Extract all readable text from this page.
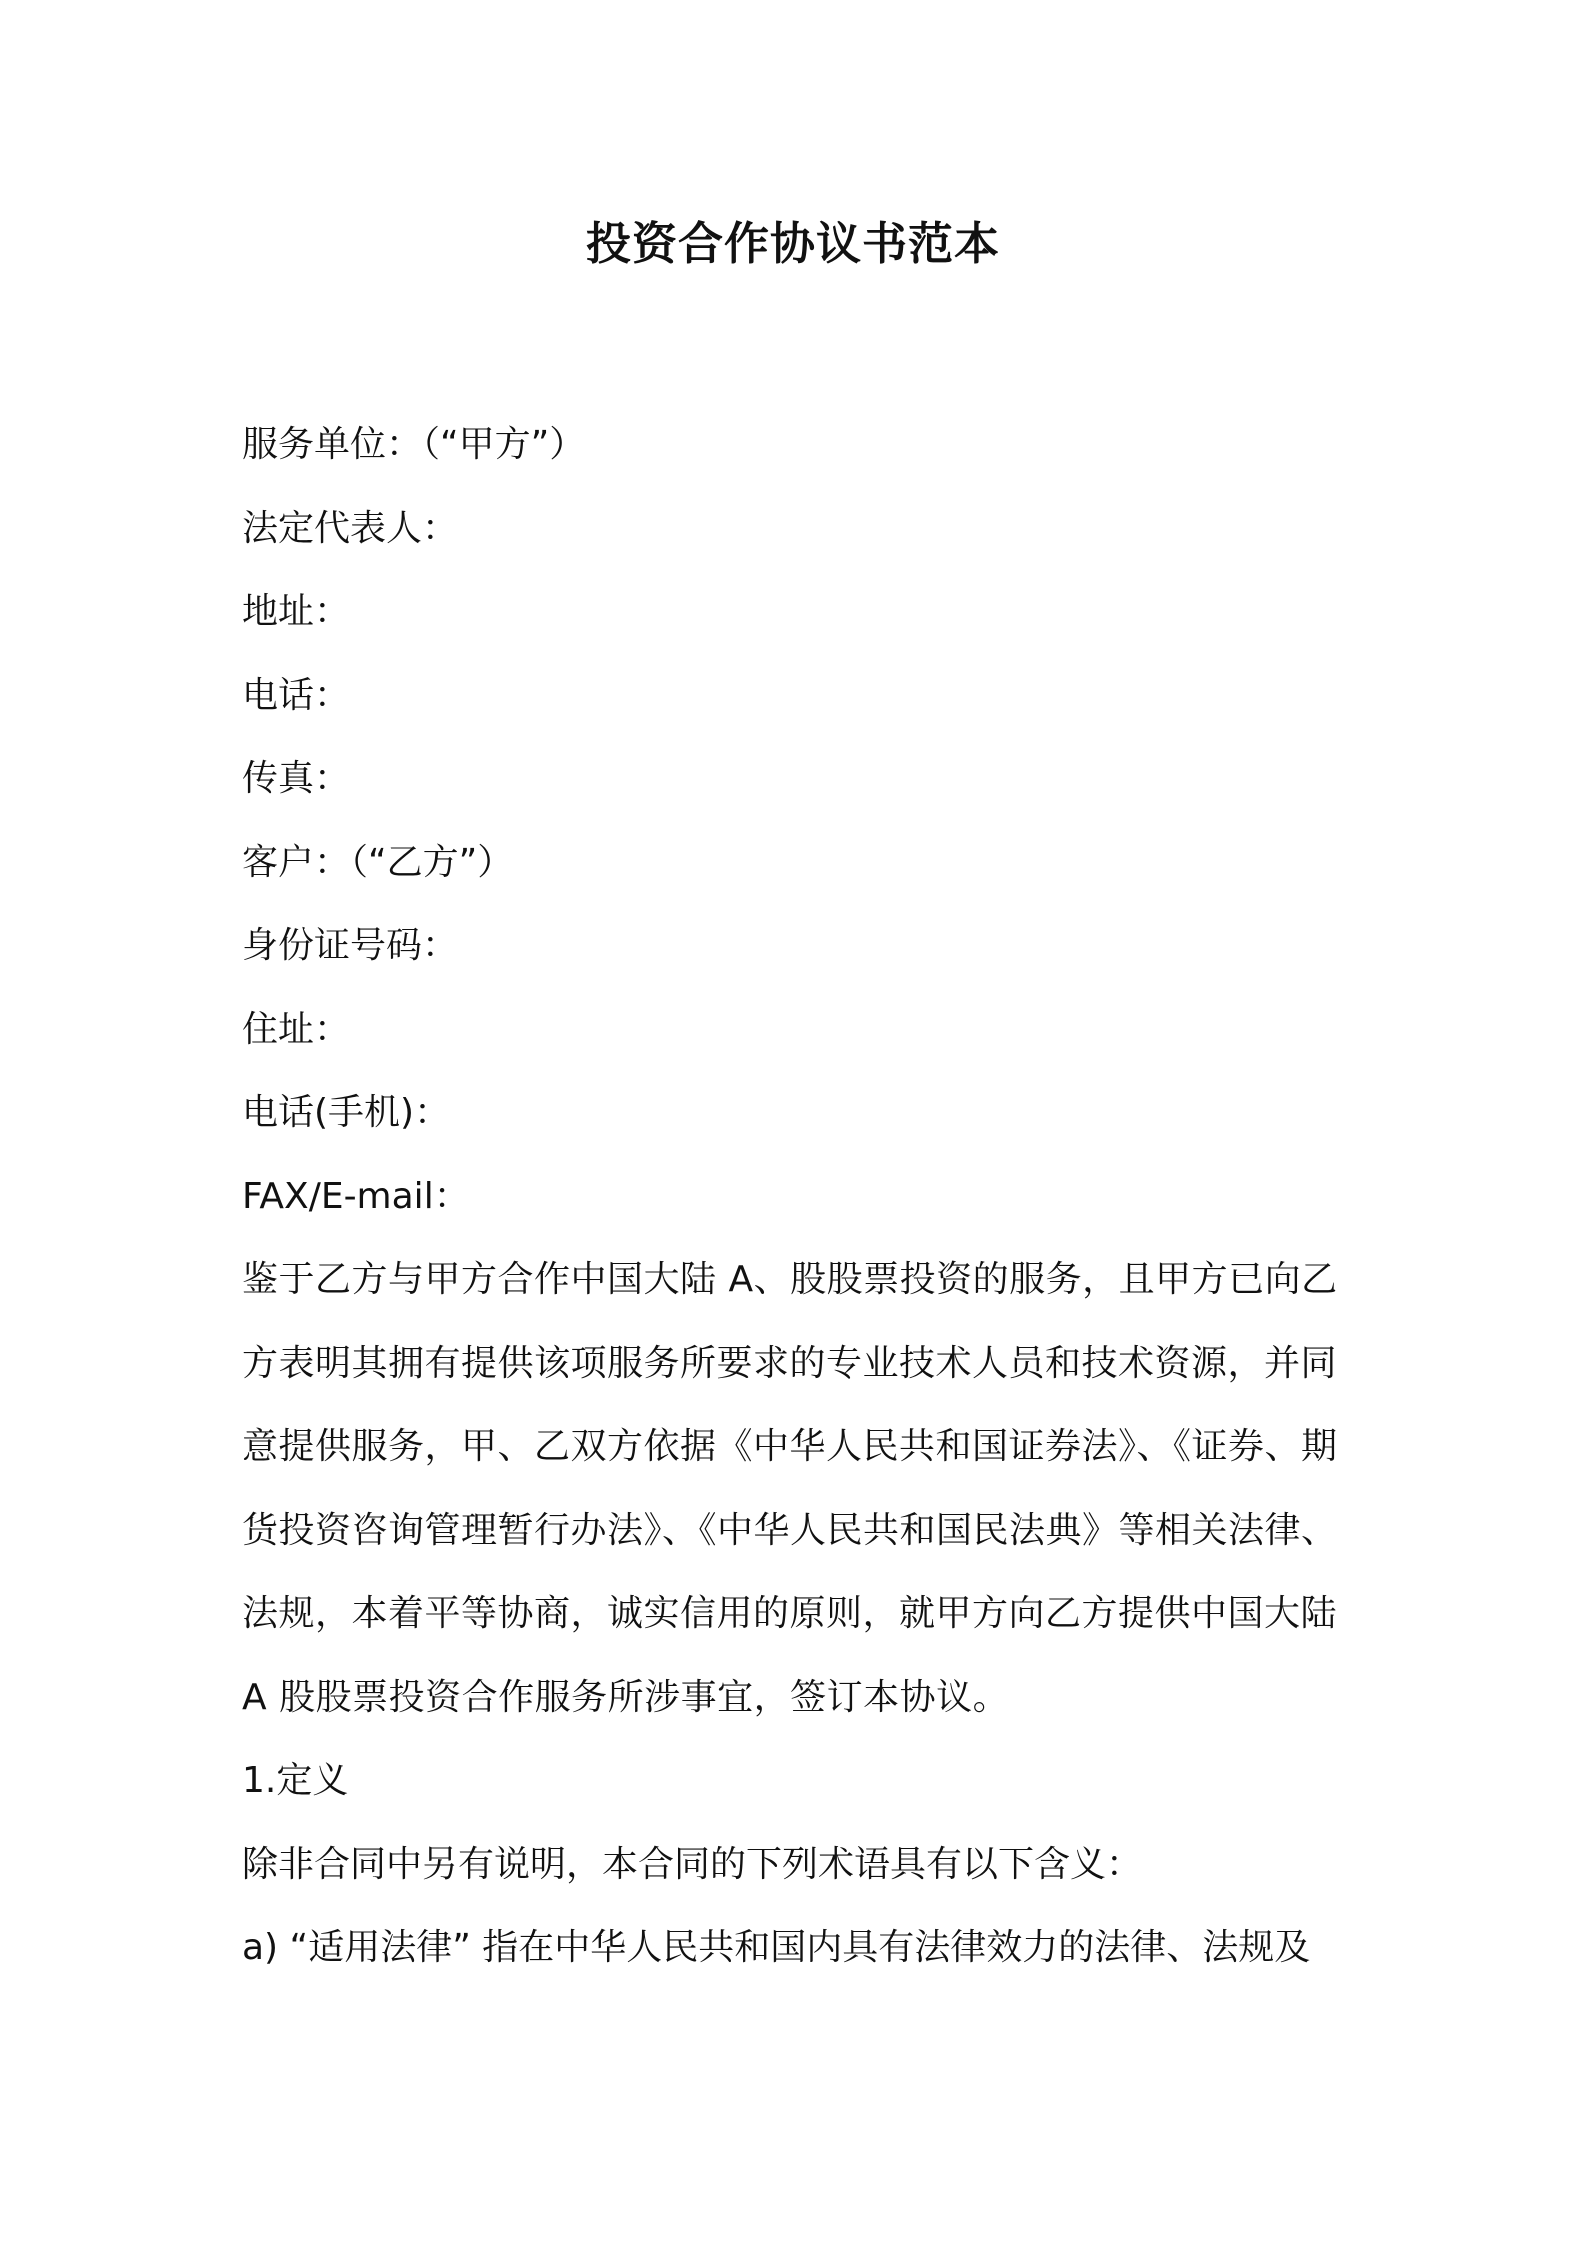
投资合作协议书范本
服务单位：（“甲方”）
法定代表人：
地址：
电话：
传真：
客户：（“乙方”）
身份证号码：
住址：
电话(手机)：
FAX/E-mail：

鉴于乙方与甲方合作中国大陆 A、股股票投资的服务，且甲方已向乙
方表明其拥有提供该项服务所要求的专业技术人员和技术资源，并同
意提供服务，甲、乙双方依据《中华人民共和国证券法》、《证券、期
货投资咨询管理暂行办法》、《中华人民共和国民法典》等相关法律、
法规，本着平等协商，诚实信用的原则，就甲方向乙方提供中国大陆
A 股股票投资合作服务所涉事宜，签订本协议。

1.定义
除非合同中另有说明，本合同的下列术语具有以下含义：
a) “适用法律” 指在中华人民共和国内具有法律效力的法律、法规及
